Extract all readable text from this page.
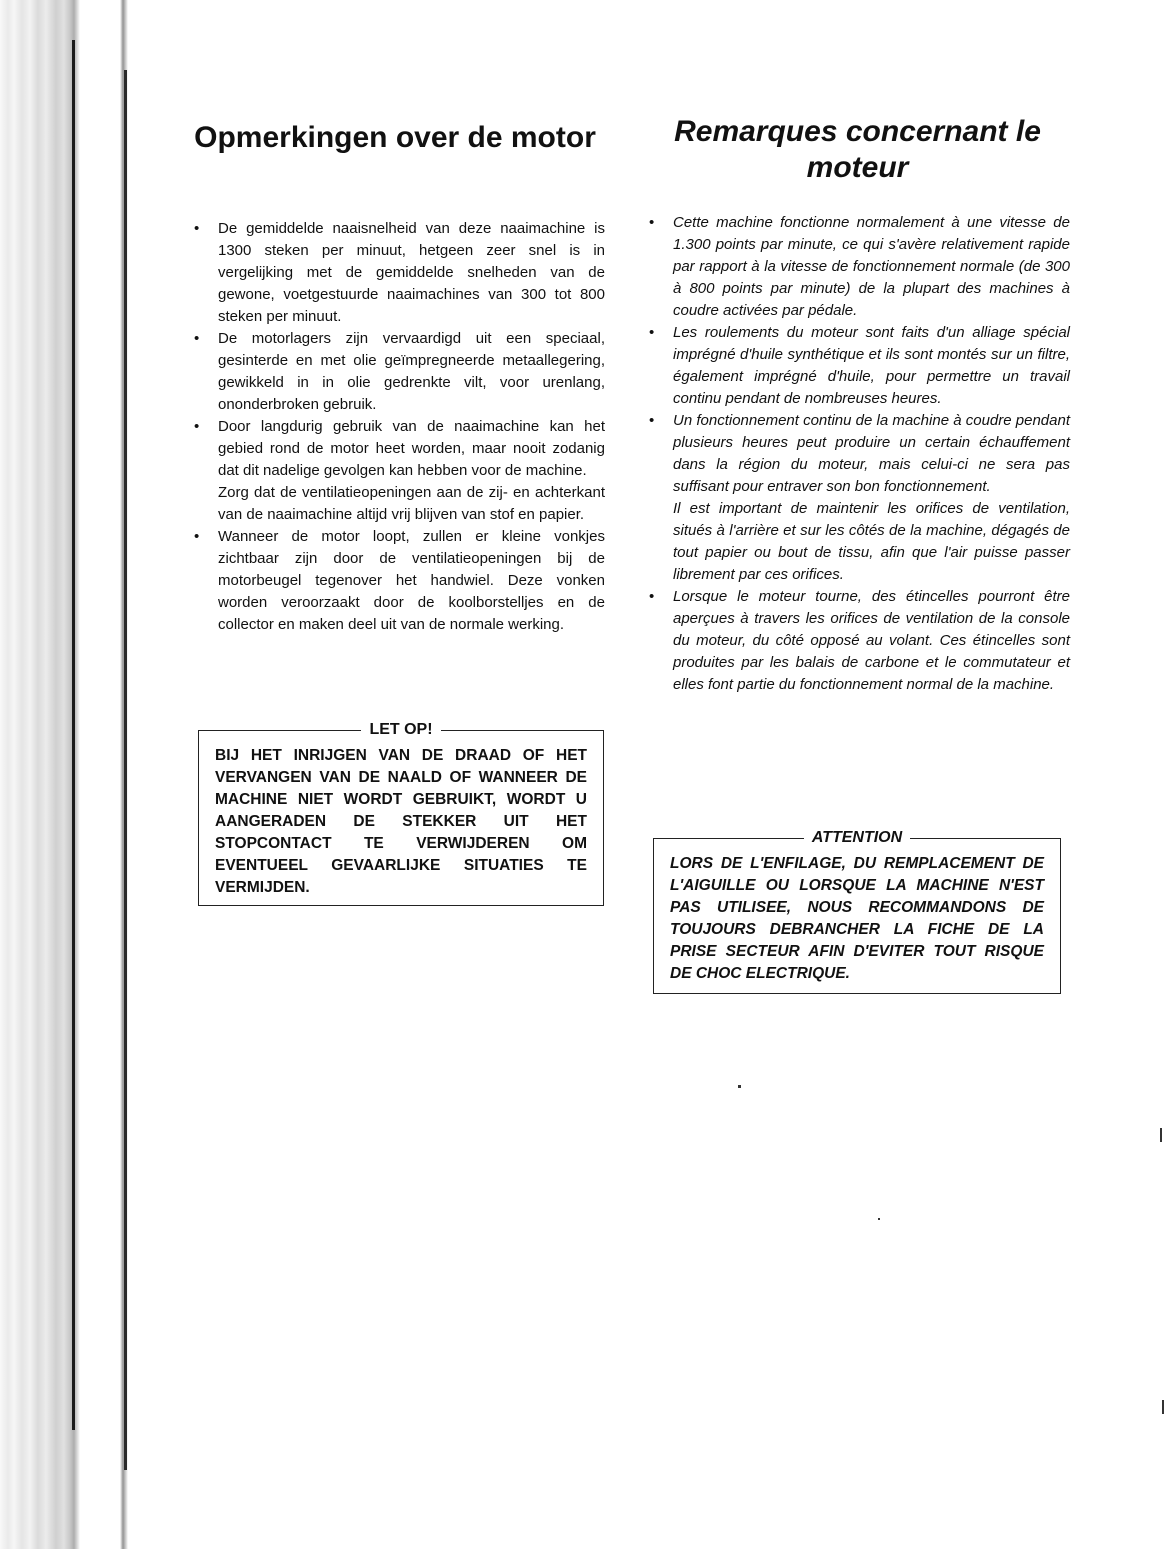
Opmerkingen over de motor
• De gemiddelde naaisnelheid van deze naaimachine is 1300 steken per minuut, hetgeen zeer snel is in vergelijking met de gemiddelde snelheden van de gewone, voetgestuurde naaimachines van 300 tot 800 steken per minuut.

• De motorlagers zijn vervaardigd uit een speciaal, gesinterde en met olie geïmpregneerde metaallegering, gewikkeld in in olie gedrenkte vilt, voor urenlang, ononderbroken gebruik.

• Door langdurig gebruik van de naaimachine kan het gebied rond de motor heet worden, maar nooit zodanig dat dit nadelige gevolgen kan hebben voor de machine.

Zorg dat de ventilatieopeningen aan de zij- en achterkant van de naaimachine altijd vrij blijven van stof en papier.

• Wanneer de motor loopt, zullen er kleine vonkjes zichtbaar zijn door de ventilatieopeningen bij de motorbeugel tegenover het handwiel. Deze vonken worden veroorzaakt door de koolborstelljes en de collector en maken deel uit van de normale werking.

LET OP!
BIJ HET INRIJGEN VAN DE DRAAD OF HET VERVANGEN VAN DE NAALD OF WANNEER DE MACHINE NIET WORDT GEBRUIKT, WORDT U AANGERADEN DE STEKKER UIT HET STOPCONTACT TE VERWIJDEREN OM EVENTUEEL GEVAARLIJKE SITUATIES TE VERMIJDEN.
Remarques concernant le moteur
• Cette machine fonctionne normalement à une vitesse de 1.300 points par minute, ce qui s'avère relativement rapide par rapport à la vitesse de fonctionnement normale (de 300 à 800 points par minute) de la plupart des machines à coudre activées par pédale.

• Les roulements du moteur sont faits d'un alliage spécial imprégné d'huile synthétique et ils sont montés sur un filtre, également imprégné d'huile, pour permettre un travail continu pendant de nombreuses heures.

• Un fonctionnement continu de la machine à coudre pendant plusieurs heures peut produire un certain échauffement dans la région du moteur, mais celui-ci ne sera pas suffisant pour entraver son bon fonctionnement.

Il est important de maintenir les orifices de ventilation, situés à l'arrière et sur les côtés de la machine, dégagés de tout papier ou bout de tissu, afin que l'air puisse passer librement par ces orifices.

• Lorsque le moteur tourne, des étincelles pourront être aperçues à travers les orifices de ventilation de la console du moteur, du côté opposé au volant. Ces étincelles sont produites par les balais de carbone et le commutateur et elles font partie du fonctionnement normal de la machine.

ATTENTION
LORS DE L'ENFILAGE, DU REMPLACEMENT DE L'AIGUILLE OU LORSQUE LA MACHINE N'EST PAS UTILISEE, NOUS RECOMMANDONS DE TOUJOURS DEBRANCHER LA FICHE DE LA PRISE SECTEUR AFIN D'EVITER TOUT RISQUE DE CHOC ELECTRIQUE.
